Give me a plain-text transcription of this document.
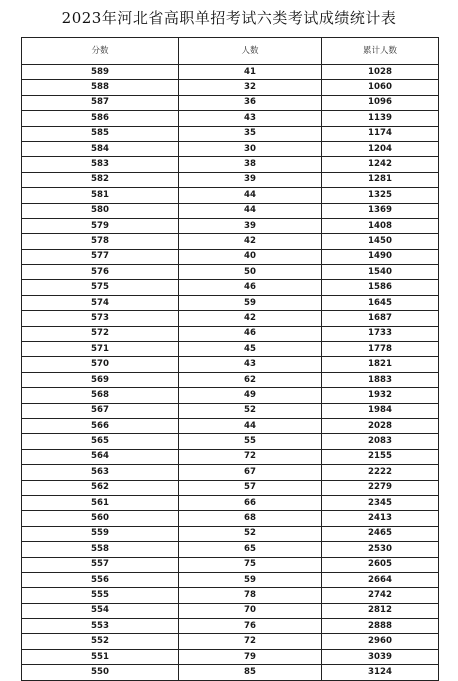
2023年河北省高职单招考试六类考试成绩统计表
分数	人数	累计人数
589	41	1028
588	32	1060
587	36	1096
586	43	1139
585	35	1174
584	30	1204
583	38	1242
582	39	1281
581	44	1325
580	44	1369
579	39	1408
578	42	1450
577	40	1490
576	50	1540
575	46	1586
574	59	1645
573	42	1687
572	46	1733
571	45	1778
570	43	1821
569	62	1883
568	49	1932
567	52	1984
566	44	2028
565	55	2083
564	72	2155
563	67	2222
562	57	2279
561	66	2345
560	68	2413
559	52	2465
558	65	2530
557	75	2605
556	59	2664
555	78	2742
554	70	2812
553	76	2888
552	72	2960
551	79	3039
550	85	3124
